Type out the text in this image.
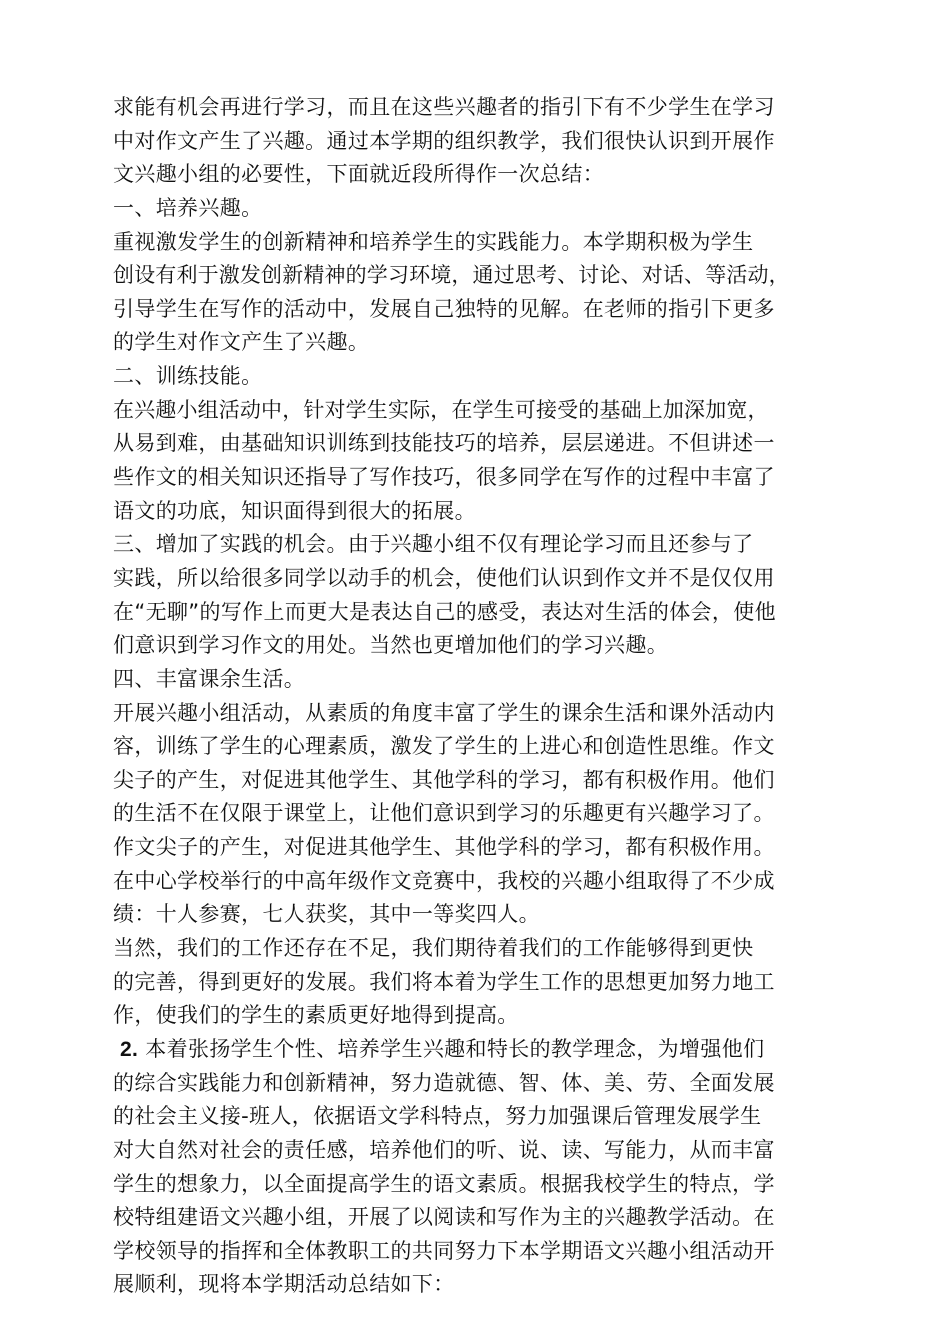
求能有机会再进行学习，而且在这些兴趣者的指引下有不少学生在学习
中对作文产生了兴趣。通过本学期的组织教学，我们很快认识到开展作
文兴趣小组的必要性，下面就近段所得作一次总结：
一、培养兴趣。
重视激发学生的创新精神和培养学生的实践能力。本学期积极为学生
创设有利于激发创新精神的学习环境，通过思考、讨论、对话、等活动，
引导学生在写作的活动中，发展自己独特的见解。在老师的指引下更多
的学生对作文产生了兴趣。
二、训练技能。
在兴趣小组活动中，针对学生实际，在学生可接受的基础上加深加宽，
从易到难，由基础知识训练到技能技巧的培养，层层递进。不但讲述一
些作文的相关知识还指导了写作技巧，很多同学在写作的过程中丰富了
语文的功底，知识面得到很大的拓展。
三、增加了实践的机会。由于兴趣小组不仅有理论学习而且还参与了
实践，所以给很多同学以动手的机会，使他们认识到作文并不是仅仅用
在“无聊”的写作上而更大是表达自己的感受，表达对生活的体会，使他
们意识到学习作文的用处。当然也更增加他们的学习兴趣。
四、丰富课余生活。
开展兴趣小组活动，从素质的角度丰富了学生的课余生活和课外活动内
容，训练了学生的心理素质，激发了学生的上进心和创造性思维。作文
尖子的产生，对促进其他学生、其他学科的学习，都有积极作用。他们
的生活不在仅限于课堂上，让他们意识到学习的乐趣更有兴趣学习了。
作文尖子的产生，对促进其他学生、其他学科的学习，都有积极作用。
在中心学校举行的中高年级作文竞赛中，我校的兴趣小组取得了不少成
绩：十人参赛，七人获奖，其中一等奖四人。
当然，我们的工作还存在不足，我们期待着我们的工作能够得到更快
的完善，得到更好的发展。我们将本着为学生工作的思想更加努力地工
作，使我们的学生的素质更好地得到提高。
2. 本着张扬学生个性、培养学生兴趣和特长的教学理念，为增强他们
的综合实践能力和创新精神，努力造就德、智、体、美、劳、全面发展
的社会主义接-班人，依据语文学科特点，努力加强课后管理发展学生
对大自然对社会的责任感，培养他们的听、说、读、写能力，从而丰富
学生的想象力，以全面提高学生的语文素质。根据我校学生的特点，学
校特组建语文兴趣小组，开展了以阅读和写作为主的兴趣教学活动。在
学校领导的指挥和全体教职工的共同努力下本学期语文兴趣小组活动开
展顺利，现将本学期活动总结如下：
